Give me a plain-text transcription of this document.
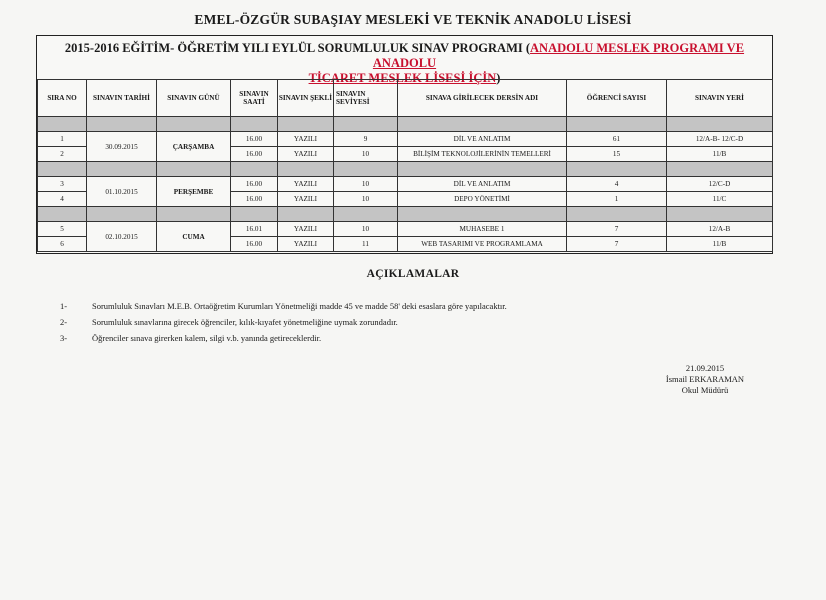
EMEL-ÖZGÜR SUBAŞIAY MESLEKİ VE TEKNİK ANADOLU LİSESİ
2015-2016 EĞİTİM- ÖĞRETİM YILI EYLÜL SORUMLULUK SINAV PROGRAMI (ANADOLU MESLEK PROGRAMI VE ANADOLU
TİCARET MESLEK LİSESİ İÇİN)
SIRA NO	SINAVIN TARİHİ	SINAVIN GÜNÜ	SINAVIN SAATİ	SINAVIN ŞEKLİ	SINAVIN SEVİYESİ	SINAVA GİRİLECEK DERSİN ADI	ÖĞRENCİ SAYISI	SINAVIN YERİ

1	30.09.2015	ÇARŞAMBA	16.00	YAZILI	9	DİL VE ANLATIM	61	12/A-B- 12/C-D
2			16.00	YAZILI	10	BİLİŞİM TEKNOLOJİLERİNİN TEMELLERİ	15	11/B

3	01.10.2015	PERŞEMBE	16.00	YAZILI	10	DİL VE ANLATIM	4	12/C-D
4			16.00	YAZILI	10	DEPO YÖNETİMİ	1	11/C

5	02.10.2015	CUMA	16.01	YAZILI	10	MUHASEBE 1	7	12/A-B
6			16.00	YAZILI	11	WEB TASARIMI VE PROGRAMLAMA	7	11/B
AÇIKLAMALAR
1-	Sorumluluk Sınavları M.E.B. Ortaöğretim Kurumları Yönetmeliği madde 45 ve madde 58' deki esaslara göre yapılacaktır.
2-	Sorumluluk sınavlarına girecek öğrenciler, kılık-kıyafet yönetmeliğine uymak zorundadır.
3-	Öğrenciler sınava girerken kalem, silgi v.b. yanında getireceklerdir.
21.09.2015
İsmail ERKARAMAN
Okul Müdürü
